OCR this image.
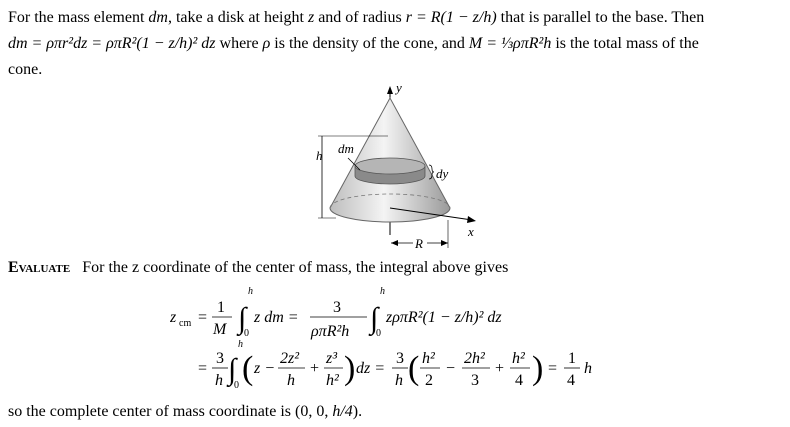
For the mass element dm, take a disk at height z and of radius r = R(1 − z/h) that is parallel to the base. Then
dm = ρπr²dz = ρπR²(1 − z/h)² dz where ρ is the density of the cone, and M = ⅓ρπR²h is the total mass of the
cone.
y
x
h dm
dy
R
Evaluate For the z coordinate of the center of mass, the integral above gives
z cm =
1
M ∫
h
0
z dm =
3
ρπR²h ∫
h
0
zρπR²(1 − z/h)² dz
=
3
h ∫
h
0 ( z −
2z²
h
+
z³
h² ) dz =
3
h ( h²
2
−
2h²
3
+
h²
4 ) =
1
4
h
so the complete center of mass coordinate is (0, 0, h/4).
